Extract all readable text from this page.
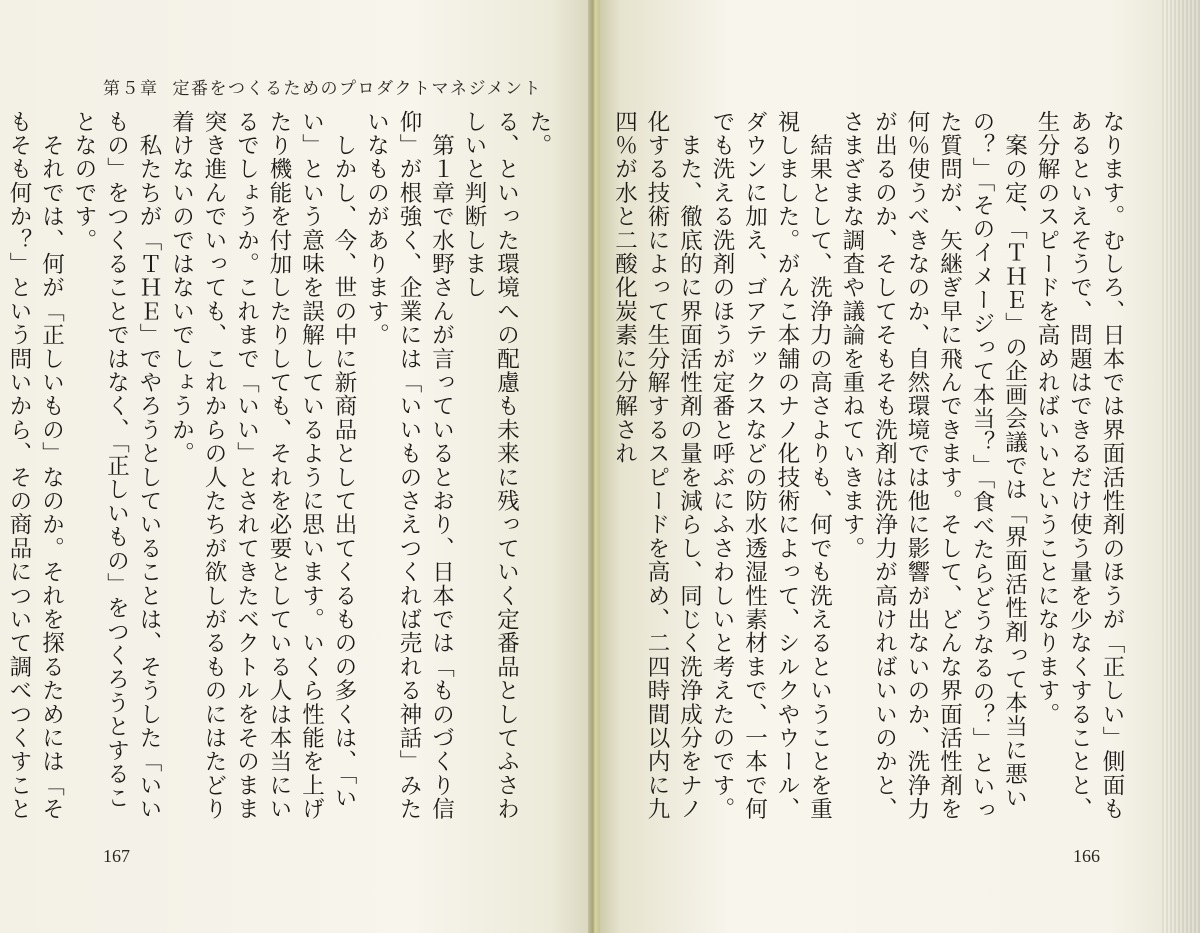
第５章 定番をつくるためのプロダクトマネジメント

た。

る、といった環境への配慮も未来に残っていく定番品としてふさわしいと判断しまし

　第１章で水野さんが言っているとおり、日本では「ものづくり信仰」が根強く、企業には「いいものさえつくれば売れる神話」みたいなものがあります。

　しかし、今、世の中に新商品として出てくるものの多くは、「いい」という意味を誤解しているように思います。いくら性能を上げたり機能を付加したりしても、それを必要としている人は本当にいるでしょうか。これまで「いい」とされてきたベクトルをそのまま突き進んでいっても、これからの人たちが欲しがるものにはたどり着けないのではないでしょうか。

　私たちが「ＴＨＥ」でやろうとしていることは、そうした「いいもの」をつくることではなく、「正しいもの」をつくろうとすることなのです。

　それでは、何が「正しいもの」なのか。それを探るためには「そもそも何か？」という問いから、その商品について調べつくすこと

167

なります。むしろ、日本では界面活性剤のほうが「正しい」側面もあるといえそうで、問題はできるだけ使う量を少なくすることと、生分解のスピードを高めればいいということになります。

　案の定、「ＴＨＥ」の企画会議では「界面活性剤って本当に悪いの？」「そのイメージって本当？」「食べたらどうなるの？」といった質問が、矢継ぎ早に飛んできます。そして、どんな界面活性剤を何％使うべきなのか、自然環境では他に影響が出ないのか、洗浄力が出るのか、そしてそもそも洗剤は洗浄力が高ければいいのかと、さまざまな調査や議論を重ねていきます。

　結果として、洗浄力の高さよりも、何でも洗えるということを重視しました。がんこ本舗のナノ化技術によって、シルクやウール、ダウンに加え、ゴアテックスなどの防水透湿性素材まで、一本で何でも洗える洗剤のほうが定番と呼ぶにふさわしいと考えたのです。

　また、徹底的に界面活性剤の量を減らし、同じく洗浄成分をナノ化する技術によって生分解するスピードを高め、二四時間以内に九四％が水と二酸化炭素に分解され

166
